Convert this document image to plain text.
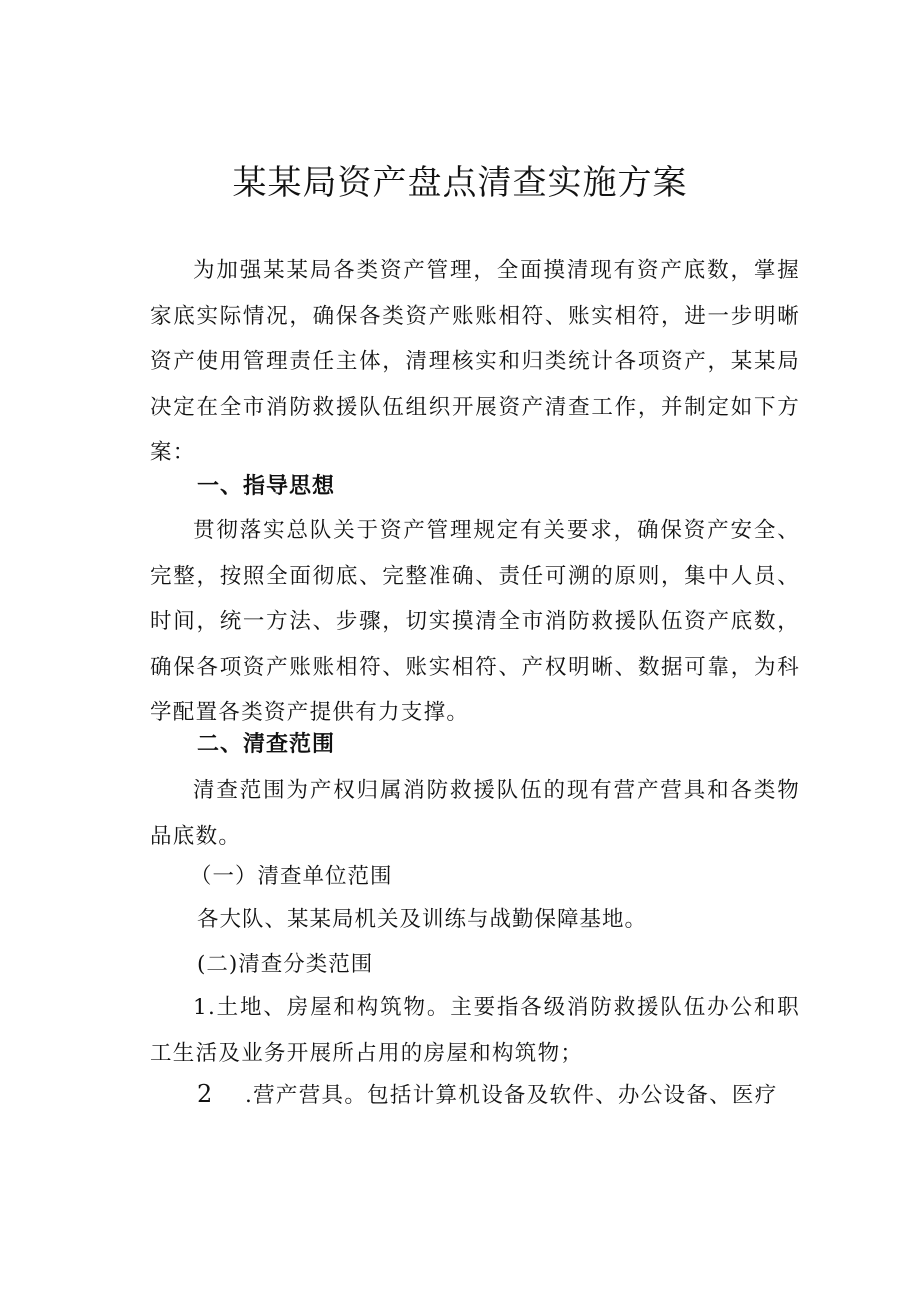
某某局资产盘点清查实施方案

为加强某某局各类资产管理，全面摸清现有资产底数，掌握家底实际情况，确保各类资产账账相符、账实相符，进一步明晰资产使用管理责任主体，清理核实和归类统计各项资产，某某局决定在全市消防救援队伍组织开展资产清查工作，并制定如下方案：

一、指导思想

贯彻落实总队关于资产管理规定有关要求，确保资产安全、完整，按照全面彻底、完整准确、责任可溯的原则，集中人员、时间，统一方法、步骤，切实摸清全市消防救援队伍资产底数，确保各项资产账账相符、账实相符、产权明晰、数据可靠，为科学配置各类资产提供有力支撑。

二、清查范围

清查范围为产权归属消防救援队伍的现有营产营具和各类物品底数。

（一）清查单位范围

各大队、某某局机关及训练与战勤保障基地。

(二)清查分类范围

1.土地、房屋和构筑物。主要指各级消防救援队伍办公和职工生活及业务开展所占用的房屋和构筑物；

2 .营产营具。包括计算机设备及软件、办公设备、医疗
